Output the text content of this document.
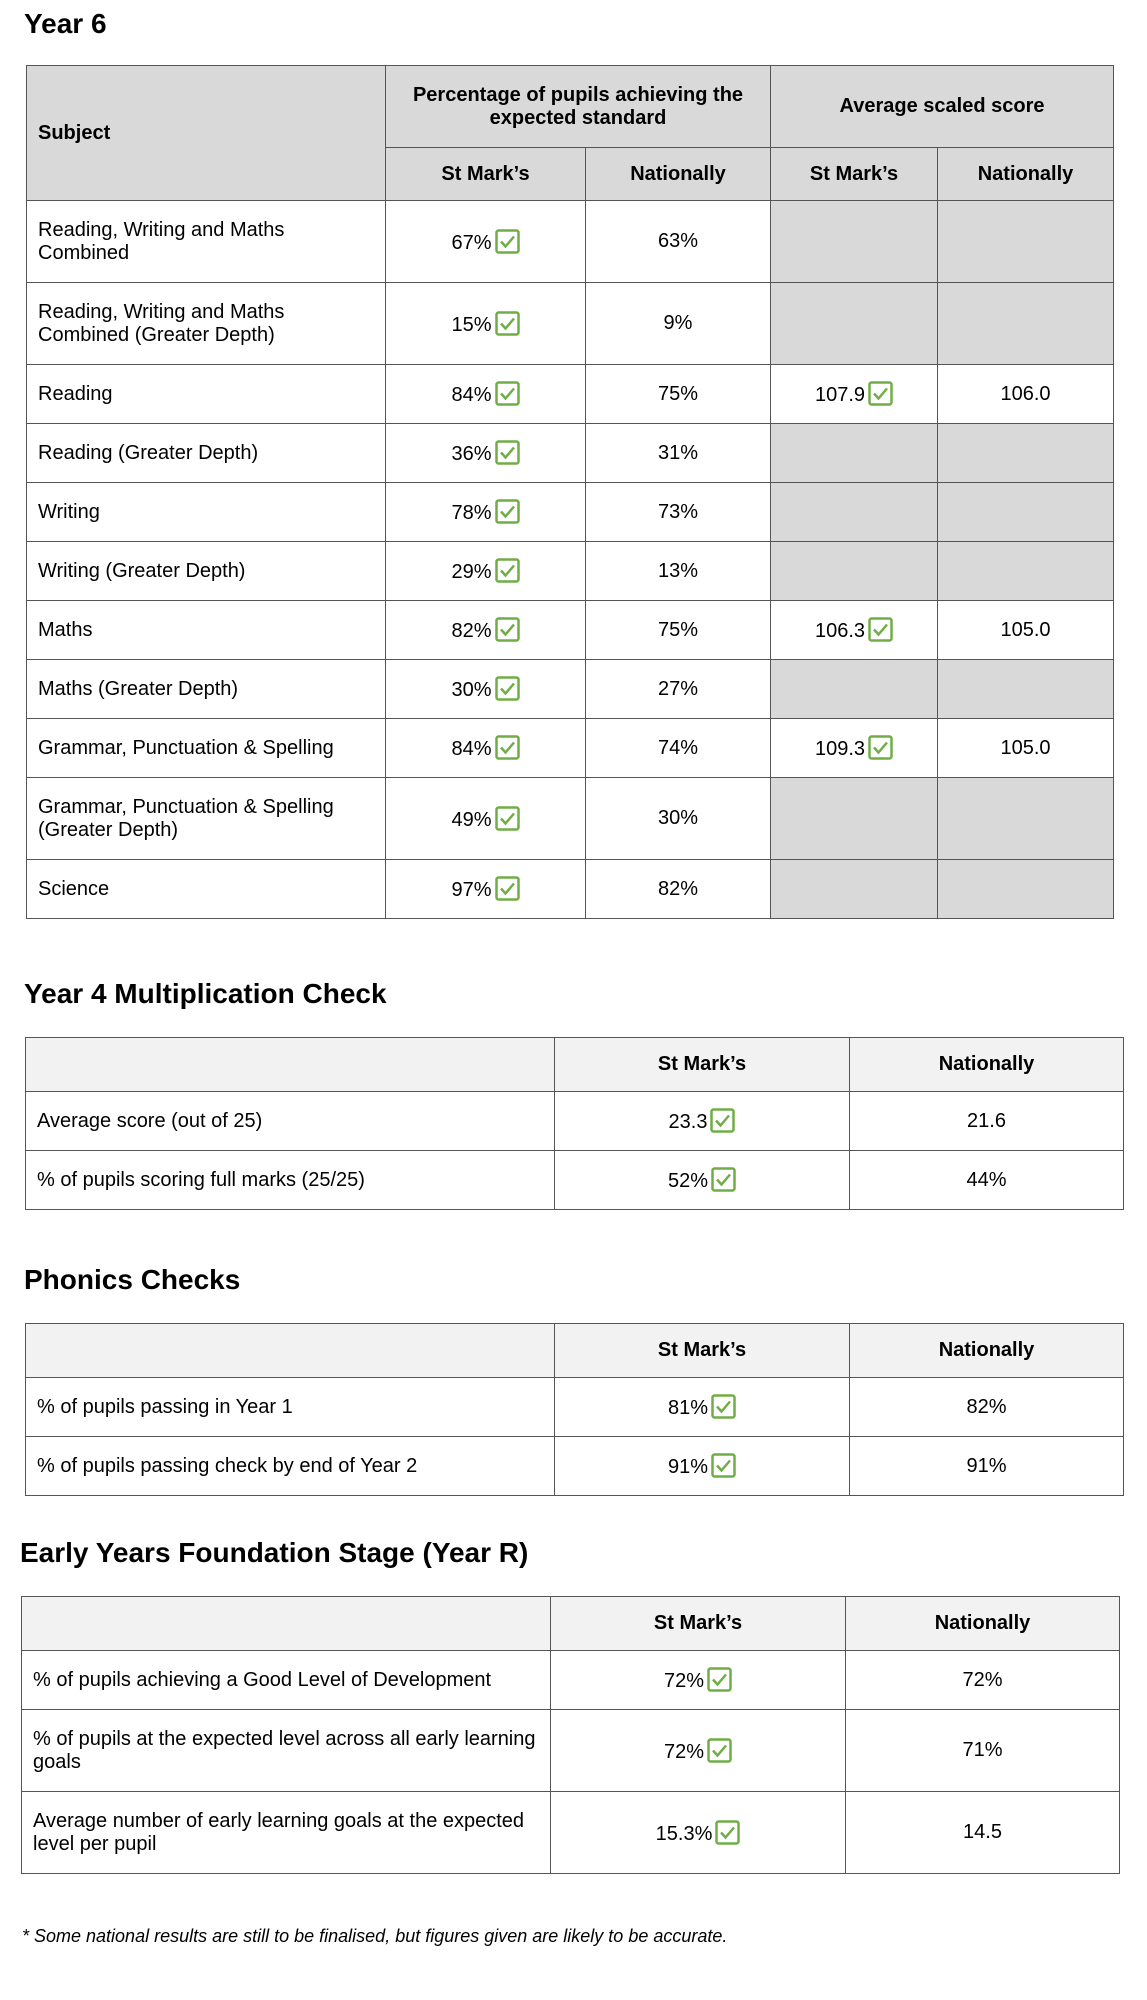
Year 6
Subject	Percentage of pupils achieving the expected standard		Average scaled score	
	St Mark’s	Nationally	St Mark’s	Nationally
Reading, Writing and Maths Combined	67%	63%		
Reading, Writing and Maths Combined (Greater Depth)	15%	9%		
Reading	84%	75%	107.9	106.0
Reading (Greater Depth)	36%	31%		
Writing	78%	73%		
Writing (Greater Depth)	29%	13%		
Maths	82%	75%	106.3	105.0
Maths (Greater Depth)	30%	27%		
Grammar, Punctuation & Spelling	84%	74%	109.3	105.0
Grammar, Punctuation & Spelling (Greater Depth)	49%	30%		
Science	97%	82%		
Year 4 Multiplication Check
	St Mark’s	Nationally
Average score (out of 25)	23.3	21.6
% of pupils scoring full marks (25/25)	52%	44%
Phonics Checks
	St Mark’s	Nationally
% of pupils passing in Year 1	81%	82%
% of pupils passing check by end of Year 2	91%	91%
Early Years Foundation Stage (Year R)
	St Mark’s	Nationally
% of pupils achieving a Good Level of Development	72%	72%
% of pupils at the expected level across all early learning goals	72%	71%
Average number of early learning goals at the expected level per pupil	15.3%	14.5
* Some national results are still to be finalised, but figures given are likely to be accurate.
